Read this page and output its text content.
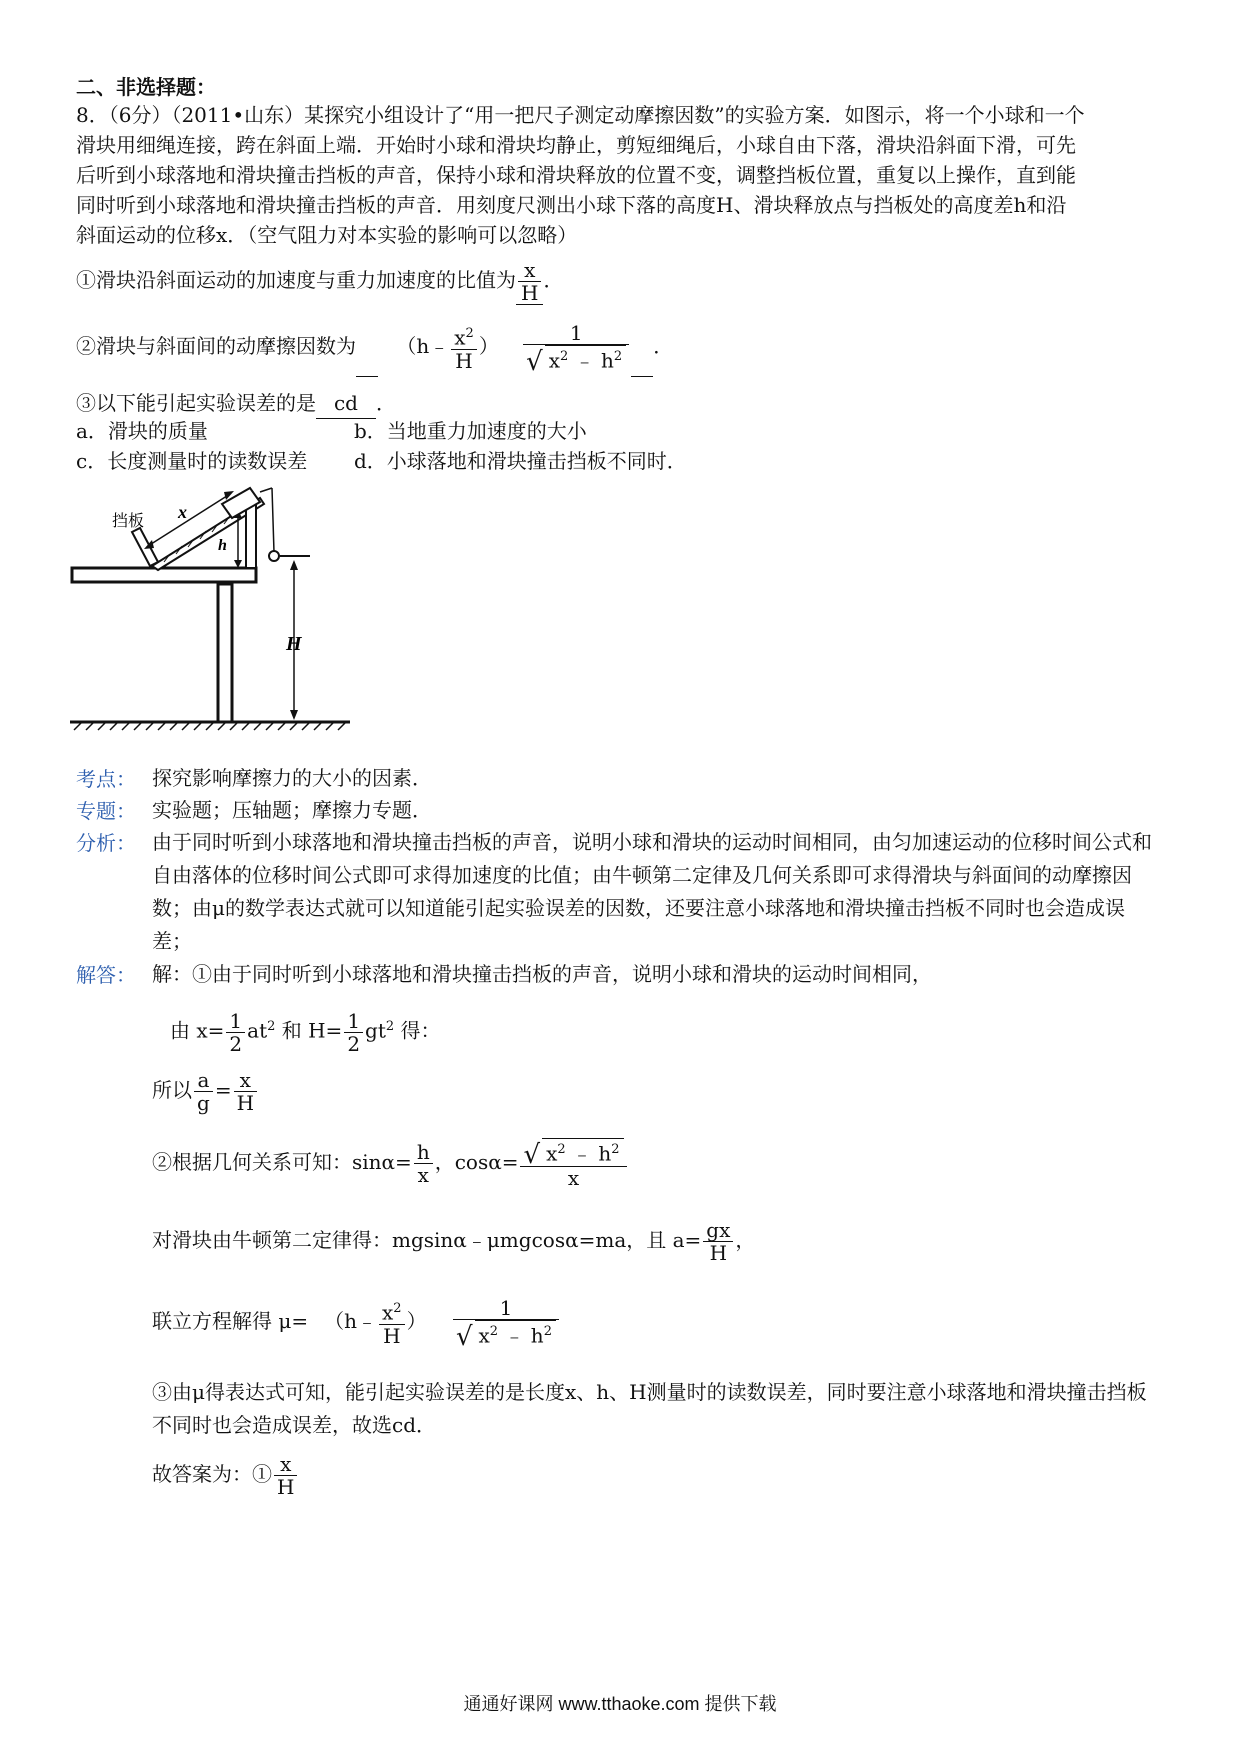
二、非选择题：
8．（6分）（2011•山东）某探究小组设计了“用一把尺子测定动摩擦因数”的实验方案．如图示，将一个小球和一个
滑块用细绳连接，跨在斜面上端．开始时小球和滑块均静止，剪短细绳后，小球自由下落，滑块沿斜面下滑，可先
后听到小球落地和滑块撞击挡板的声音，保持小球和滑块释放的位置不变，调整挡板位置，重复以上操作，直到能
同时听到小球落地和滑块撞击挡板的声音．用刻度尺测出小球下落的高度H、滑块释放点与挡板处的高度差h和沿
斜面运动的位移x．（空气阻力对本实验的影响可以忽略）
①滑块沿斜面运动的加速度与重力加速度的比值为 $\frac{x}{H}$ ．
②滑块与斜面间的动摩擦因数为 （h﹣ $\frac{x^2}{H}$ ） $\frac{1}{√ x^2 ﹣ h^2}$ ．
③以下能引起实验误差的是 cd ．
a．滑块的质量	b．当地重力加速度的大小
c．长度测量时的读数误差 d．小球落地和滑块撞击挡板不同时．
挡板 x
h
H
考点： 探究影响摩擦力的大小的因素．
专题： 实验题；压轴题；摩擦力专题．
分析： 由于同时听到小球落地和滑块撞击挡板的声音，说明小球和滑块的运动时间相同，由匀加速运动的位移时间公式和自由落体的位移时间公式即可求得加速度的比值；由牛顿第二定律及几何关系即可求得滑块与斜面间的动摩擦因数；由μ的数学表达式就可以知道能引起实验误差的因数，还要注意小球落地和滑块撞击挡板不同时也会造成误差；
解答： 解：①由于同时听到小球落地和滑块撞击挡板的声音，说明小球和滑块的运动时间相同，
由 $x= \frac{1}{2} at^2$ 和 $H= \frac{1}{2} gt^2$ 得：
所以 $\frac{a}{g} = \frac{x}{H}$
②根据几何关系可知：$\sin\alpha= \frac{h}{x}$ ，$\cos\alpha= \frac{√ x^2 ﹣ h^2}{x}$
对滑块由牛顿第二定律得：mgsinα﹣μmgcosα=ma，且 $a= \frac{gx}{H}$ ，
联立方程解得 μ= （h﹣ $\frac{x^2}{H}$ ） $\frac{1}{√ x^2 ﹣ h^2}$
③由μ得表达式可知，能引起实验误差的是长度x、h、H测量时的读数误差，同时要注意小球落地和滑块撞击挡板不同时也会造成误差，故选cd．
故答案为：① $\frac{x}{H}$
通通好课网 www.tthaoke.com 提供下载
